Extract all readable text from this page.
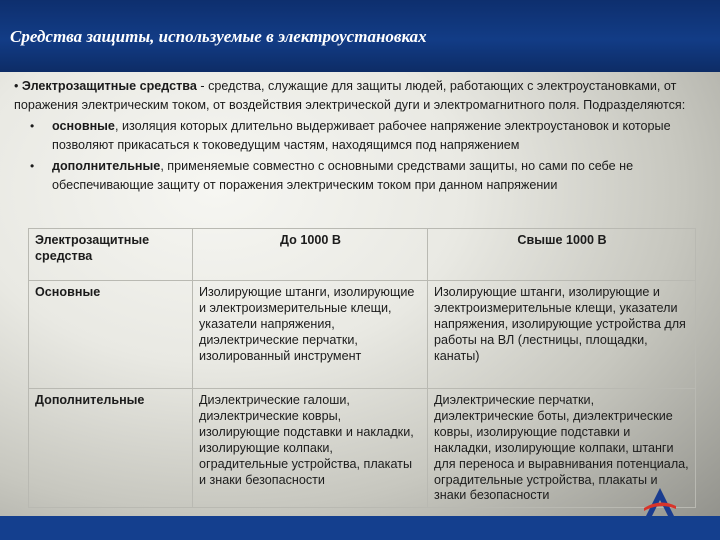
Средства защиты, используемые в электроустановках

• Электрозащитные средства - средства, служащие для защиты людей, работающих с электроустановками, от поражения электрическим током, от воздействия электрической дуги и электромагнитного поля. Подразделяются:

• основные, изоляция которых длительно выдерживает рабочее напряжение электроустановок и которые позволяют прикасаться к токоведущим частям, находящимся под напряжением
• дополнительные, применяемые совместно с основными средствами защиты, но сами по себе не обеспечивающие защиту от поражения электрическим током при данном напряжении
Электрозащитные средства	До 1000 В	Свыше 1000 В
Основные	Изолирующие штанги, изолирующие и электроизмерительные клещи, указатели напряжения, диэлектрические перчатки, изолированный инструмент	Изолирующие штанги, изолирующие и электроизмерительные клещи, указатели напряжения, изолирующие устройства для работы на ВЛ (лестницы, площадки, канаты)
Дополнительные	Диэлектрические галоши, диэлектрические ковры, изолирующие подставки и накладки, изолирующие колпаки, оградительные устройства, плакаты и знаки безопасности	Диэлектрические перчатки, диэлектрические боты, диэлектрические ковры, изолирующие подставки и накладки, изолирующие колпаки, штанги для переноса и выравнивания потенциала, оградительные устройства, плакаты и знаки безопасности
